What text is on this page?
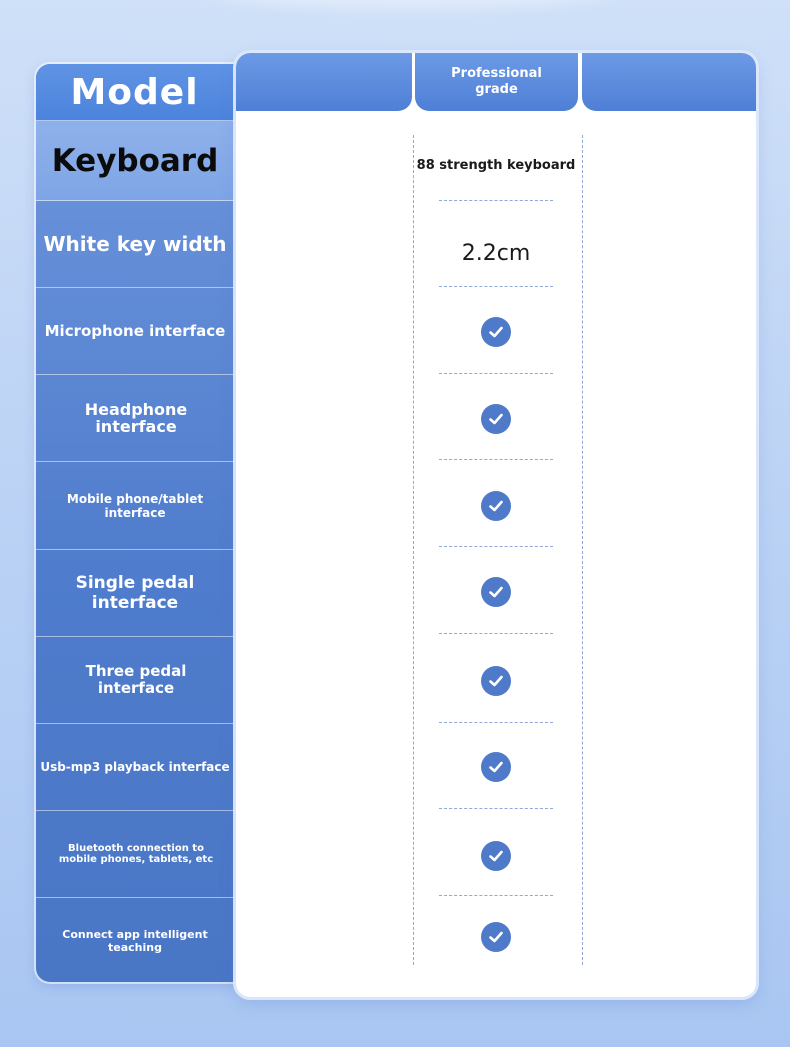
Model
Keyboard
White key width
Microphone interface
Headphone interface
Mobile phone/tablet interface
Single pedal interface
Three pedal interface
Usb-mp3 playback interface
Bluetooth connection to mobile phones, tablets, etc
Connect app intelligent teaching
Professional grade
88 strength keyboard
2.2cm
